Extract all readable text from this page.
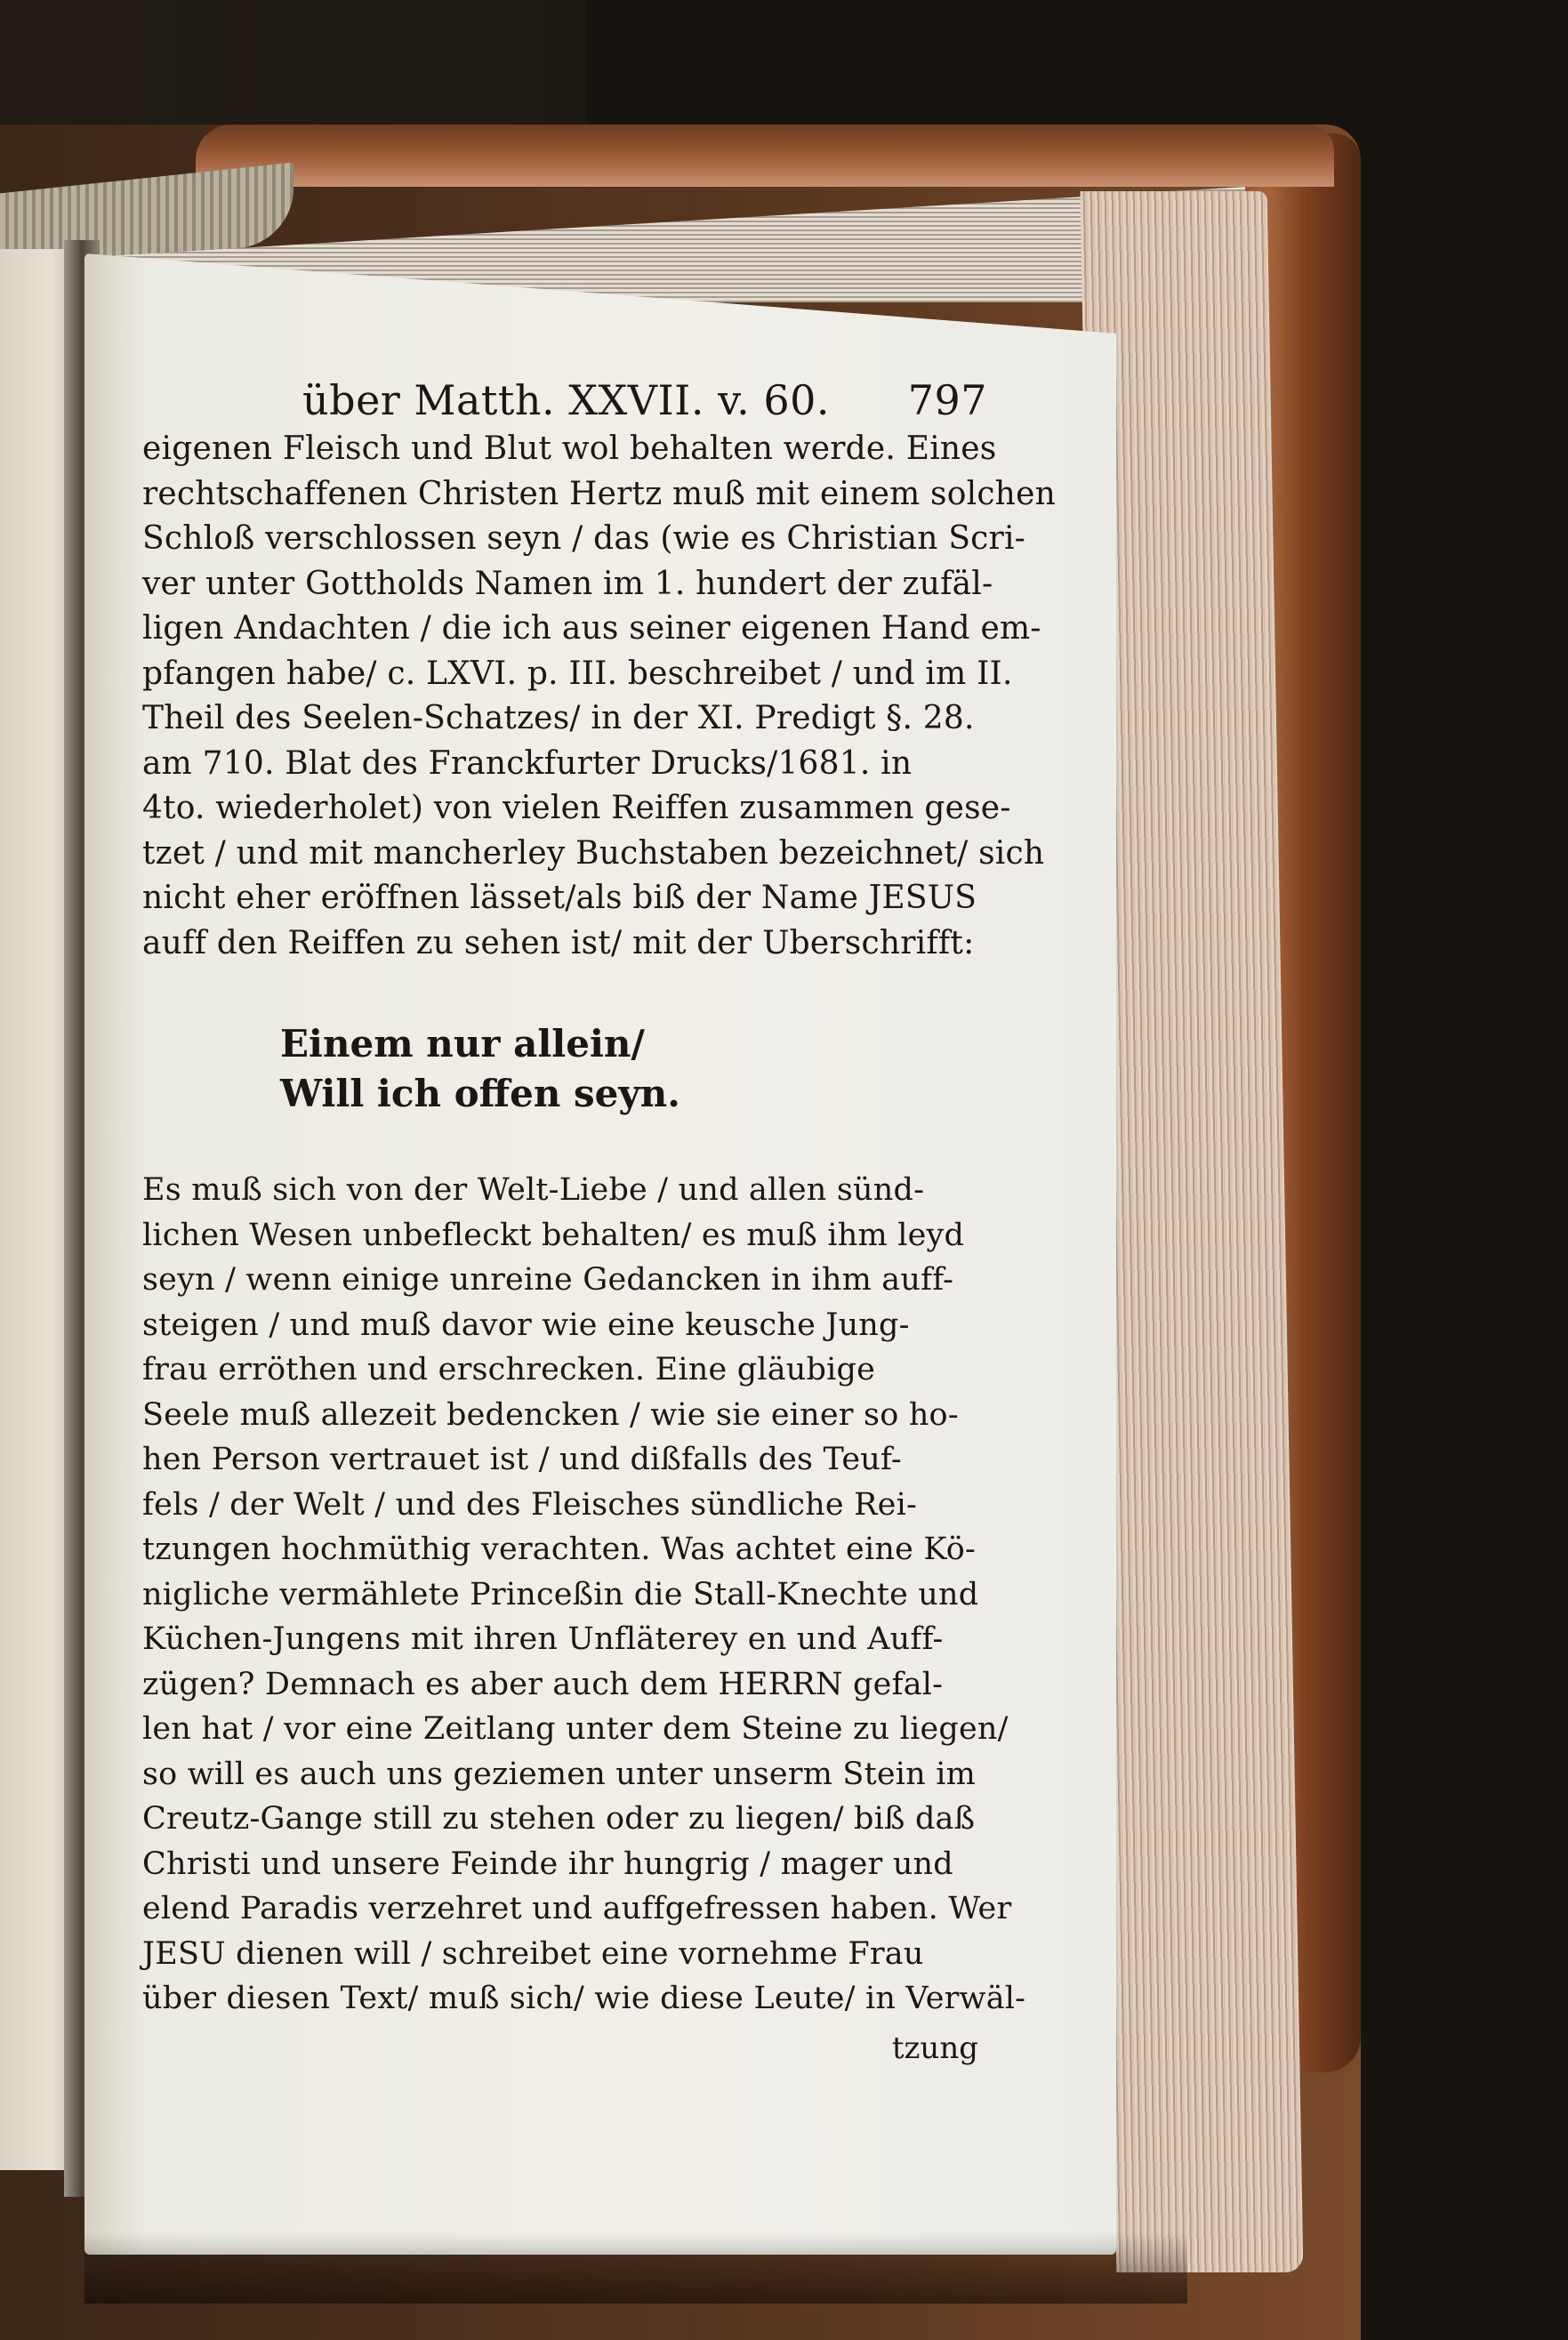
über Matth. XXVII. v. 60. 797
eigenen Fleisch und Blut wol behalten werde. Eines
rechtschaffenen Christen Hertz muß mit einem solchen
Schloß verschlossen seyn / das (wie es Christian Scri-
ver unter Gottholds Namen im 1. hundert der zufäl-
ligen Andachten / die ich aus seiner eigenen Hand em-
pfangen habe/ c. LXVI. p. III. beschreibet / und im II.
Theil des Seelen-Schatzes/ in der XI. Predigt §. 28.
am 710. Blat des Franckfurter Drucks/1681. in
4to. wiederholet) von vielen Reiffen zusammen gese-
tzet / und mit mancherley Buchstaben bezeichnet/ sich
nicht eher eröffnen lässet/als biß der Name JESUS
auff den Reiffen zu sehen ist/ mit der Uberschrifft:
Einem nur allein/
Will ich offen seyn.
Es muß sich von der Welt-Liebe / und allen sünd-
lichen Wesen unbefleckt behalten/ es muß ihm leyd
seyn / wenn einige unreine Gedancken in ihm auff-
steigen / und muß davor wie eine keusche Jung-
frau erröthen und erschrecken. Eine gläubige
Seele muß allezeit bedencken / wie sie einer so ho-
hen Person vertrauet ist / und dißfalls des Teuf-
fels / der Welt / und des Fleisches sündliche Rei-
tzungen hochmüthig verachten. Was achtet eine Kö-
nigliche vermählete Princeßin die Stall-Knechte und
Küchen-Jungens mit ihren Unfläterey en und Auff-
zügen? Demnach es aber auch dem HERRN gefal-
len hat / vor eine Zeitlang unter dem Steine zu liegen/
so will es auch uns geziemen unter unserm Stein im
Creutz-Gange still zu stehen oder zu liegen/ biß daß
Christi und unsere Feinde ihr hungrig / mager und
elend Paradis verzehret und auffgefressen haben. Wer
JESU dienen will / schreibet eine vornehme Frau
über diesen Text/ muß sich/ wie diese Leute/ in Verwäl-
tzung
